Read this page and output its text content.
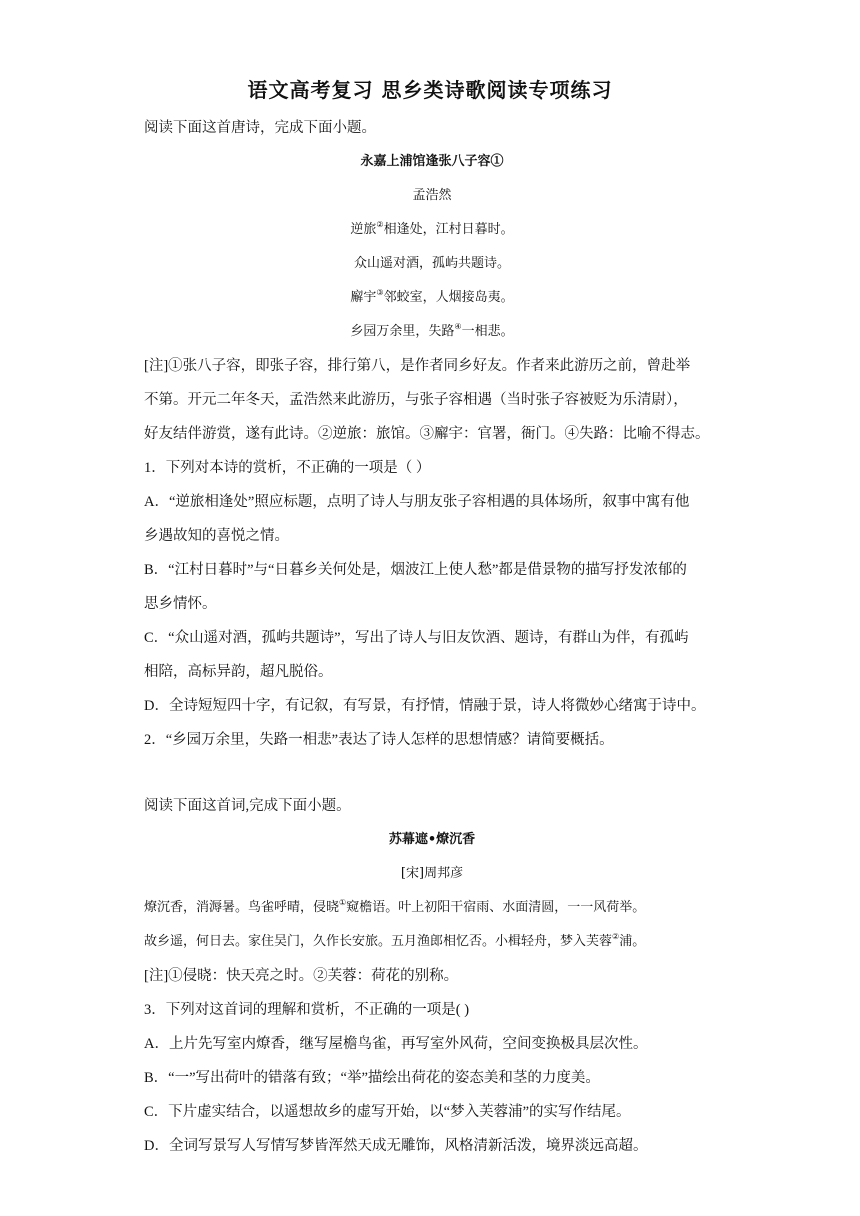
语文高考复习 思乡类诗歌阅读专项练习
阅读下面这首唐诗，完成下面小题。
永嘉上浦馆逢张八子容①
孟浩然
逆旅②相逢处，江村日暮时。
众山遥对酒，孤屿共题诗。
廨宇③邻蛟室，人烟接岛夷。
乡园万余里，失路④一相悲。
[注]①张八子容，即张子容，排行第八，是作者同乡好友。作者来此游历之前，曾赴举
不第。开元二年冬天，孟浩然来此游历，与张子容相遇（当时张子容被贬为乐清尉），
好友结伴游赏，遂有此诗。②逆旅：旅馆。③廨宇：官署，衙门。④失路：比喻不得志。
1．下列对本诗的赏析，不正确的一项是（ ）
A．“逆旅相逢处”照应标题，点明了诗人与朋友张子容相遇的具体场所，叙事中寓有他
乡遇故知的喜悦之情。
B．“江村日暮时”与“日暮乡关何处是，烟波江上使人愁”都是借景物的描写抒发浓郁的
思乡情怀。
C．“众山遥对酒，孤屿共题诗”，写出了诗人与旧友饮酒、题诗，有群山为伴，有孤屿
相陪，高标异韵，超凡脱俗。
D．全诗短短四十字，有记叙，有写景，有抒情，情融于景，诗人将微妙心绪寓于诗中。
2．“乡园万余里，失路一相悲”表达了诗人怎样的思想情感？请简要概括。
阅读下面这首词,完成下面小题。
苏幕遮•燎沉香
[宋]周邦彦
燎沉香，消溽暑。鸟雀呼晴，侵晓①窥檐语。叶上初阳干宿雨、水面清圆，一一风荷举。
故乡遥，何日去。家住吴门，久作长安旅。五月渔郎相忆否。小楫轻舟，梦入芙蓉②浦。
[注]①侵晓：快天亮之时。②芙蓉：荷花的别称。
3．下列对这首词的理解和赏析，不正确的一项是( )
A．上片先写室内燎香，继写屋檐鸟雀，再写室外风荷，空间变换极具层次性。
B．“一”写出荷叶的错落有致；“举”描绘出荷花的姿态美和茎的力度美。
C．下片虚实结合，以遥想故乡的虚写开始，以“梦入芙蓉浦”的实写作结尾。
D．全词写景写人写情写梦皆浑然天成无雕饰，风格清新活泼，境界淡远高超。
